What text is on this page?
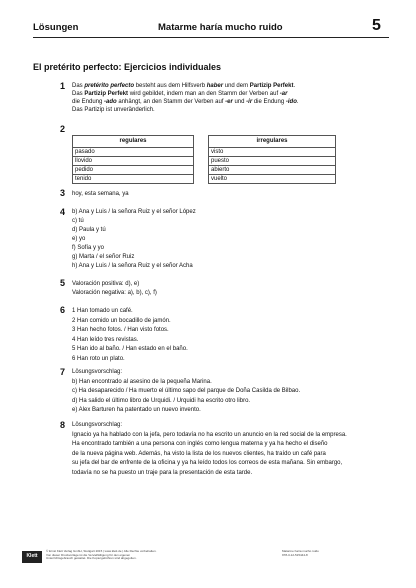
Lösungen	Matarme haría mucho ruido	5
El pretérito perfecto: Ejercicios individuales
1 Das pretérito perfecto besteht aus dem Hilfsverb haber und dem Partizip Perfekt.
Das Partizip Perfekt wird gebildet, indem man an den Stamm der Verben auf -ar
die Endung -ado anhängt, an den Stamm der Verben auf -er und -ir die Endung -ido.
Das Partizip ist unveränderlich.
2
regulares
pasado
llovido
pedido
tenido
irregulares
visto
puesto
abierto
vuelto
3 hoy, esta semana, ya
4 b) Ana y Luis / la señora Ruiz y el señor López
c) tú
d) Paula y tú
e) yo
f) Sofía y yo
g) Marta / el señor Ruiz
h) Ana y Luis / la señora Ruiz y el señor Acha
5 Valoración positiva: d), e)
Valoración negativa: a), b), c), f)
6 1 Han tomado un café.
2 Han comido un bocadillo de jamón.
3 Han hecho fotos. / Han visto fotos.
4 Han leído tres revistas.
5 Han ido al baño. / Han estado en el baño.
6 Han roto un plato.
7 Lösungsvorschlag:
b) Han encontrado al asesino de la pequeña Marina.
c) Ha desaparecido / Ha muerto el último sapo del parque de Doña Casilda de Bilbao.
d) Ha salido el último libro de Urquidi. / Urquidi ha escrito otro libro.
e) Alex Barturen ha patentado un nuevo invento.
8 Lösungsvorschlag:
Ignacio ya ha hablado con la jefa, pero todavía no ha escrito un anuncio en la red social de la empresa.
Ha encontrado también a una persona con inglés como lengua materna y ya ha hecho el diseño
de la nueva página web. Además, ha visto la lista de los nuevos clientes, ha traído un café para
su jefa del bar de enfrente de la oficina y ya ha leído todos los correos de esta mañana. Sin embargo,
todavía no se ha puesto un traje para la presentación de esta tarde.
Klett
© Ernst Klett Verlag GmbH, Stuttgart 2015 | www.klett.de | Alle Rechte vorbehalten.
Von dieser Druckvorlage ist die Vervielfältigung für den eigenen
Unterrichtsgebrauch gestattet. Die Kopiergebühren sind abgegolten.
Matarme haría mucho ruido
978-3-12-515444-8
